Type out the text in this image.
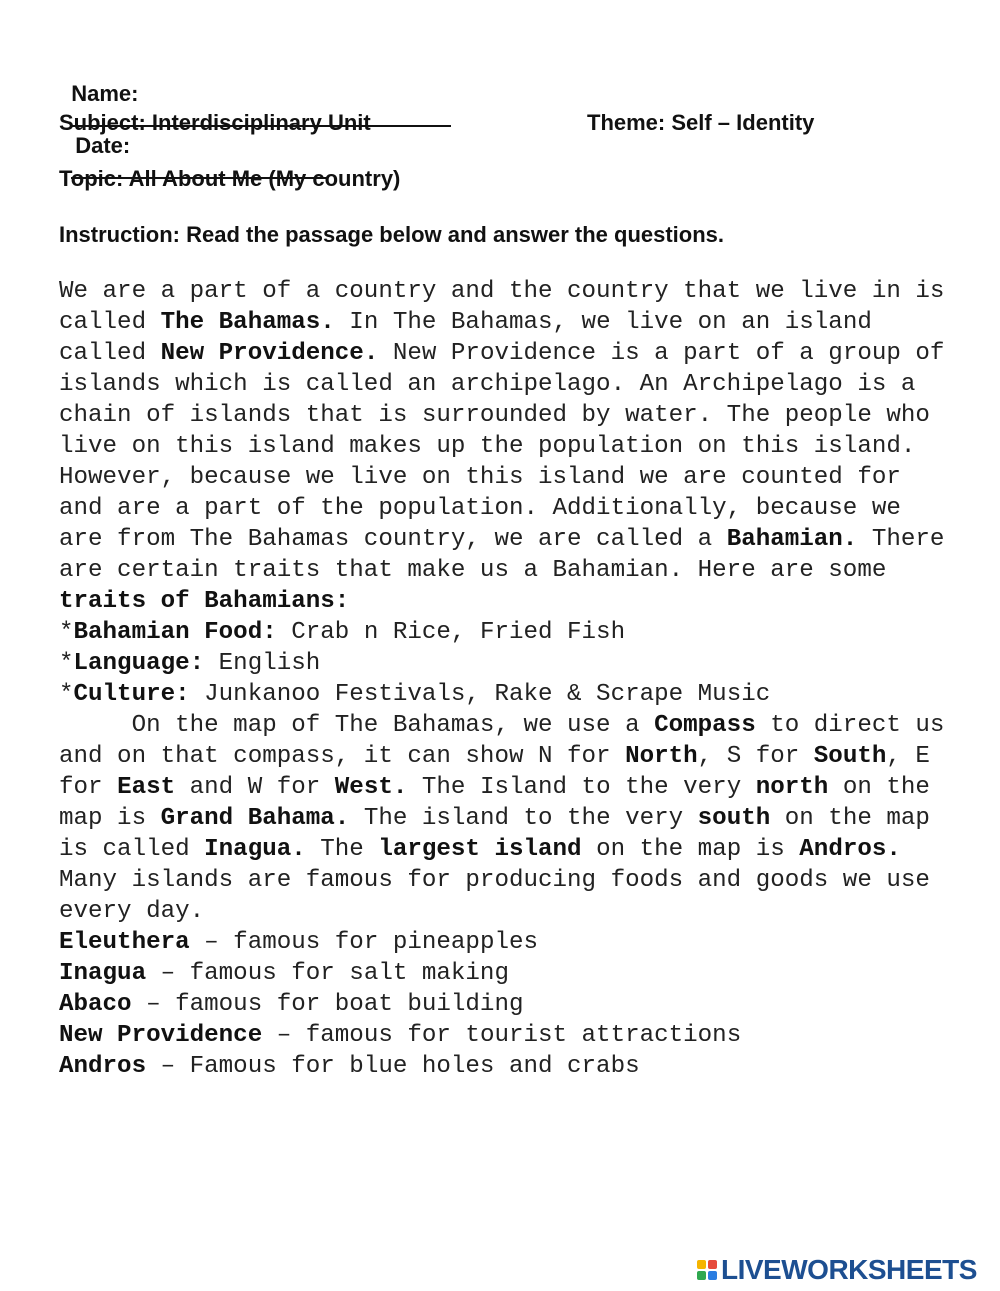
Name:

Date:

Subject: Interdisciplinary Unit	Theme: Self – Identity
Topic: All About Me (My country)
Instruction: Read the passage below and answer the questions.
We are a part of a country and the country that we live in is
called The Bahamas. In The Bahamas, we live on an island
called New Providence. New Providence is a part of a group of
islands which is called an archipelago. An Archipelago is a
chain of islands that is surrounded by water. The people who
live on this island makes up the population on this island.
However, because we live on this island we are counted for
and are a part of the population. Additionally, because we
are from The Bahamas country, we are called a Bahamian. There
are certain traits that make us a Bahamian. Here are some
traits of Bahamians:
*Bahamian Food: Crab n Rice, Fried Fish
*Language: English
*Culture: Junkanoo Festivals, Rake & Scrape Music
On the map of The Bahamas, we use a Compass to direct us
and on that compass, it can show N for North, S for South, E
for East and W for West. The Island to the very north on the
map is Grand Bahama. The island to the very south on the map
is called Inagua. The largest island on the map is Andros.
Many islands are famous for producing foods and goods we use
every day.
Eleuthera – famous for pineapples
Inagua – famous for salt making
Abaco – famous for boat building
New Providence – famous for tourist attractions
Andros – Famous for blue holes and crabs
LIVEWORKSHEETS
